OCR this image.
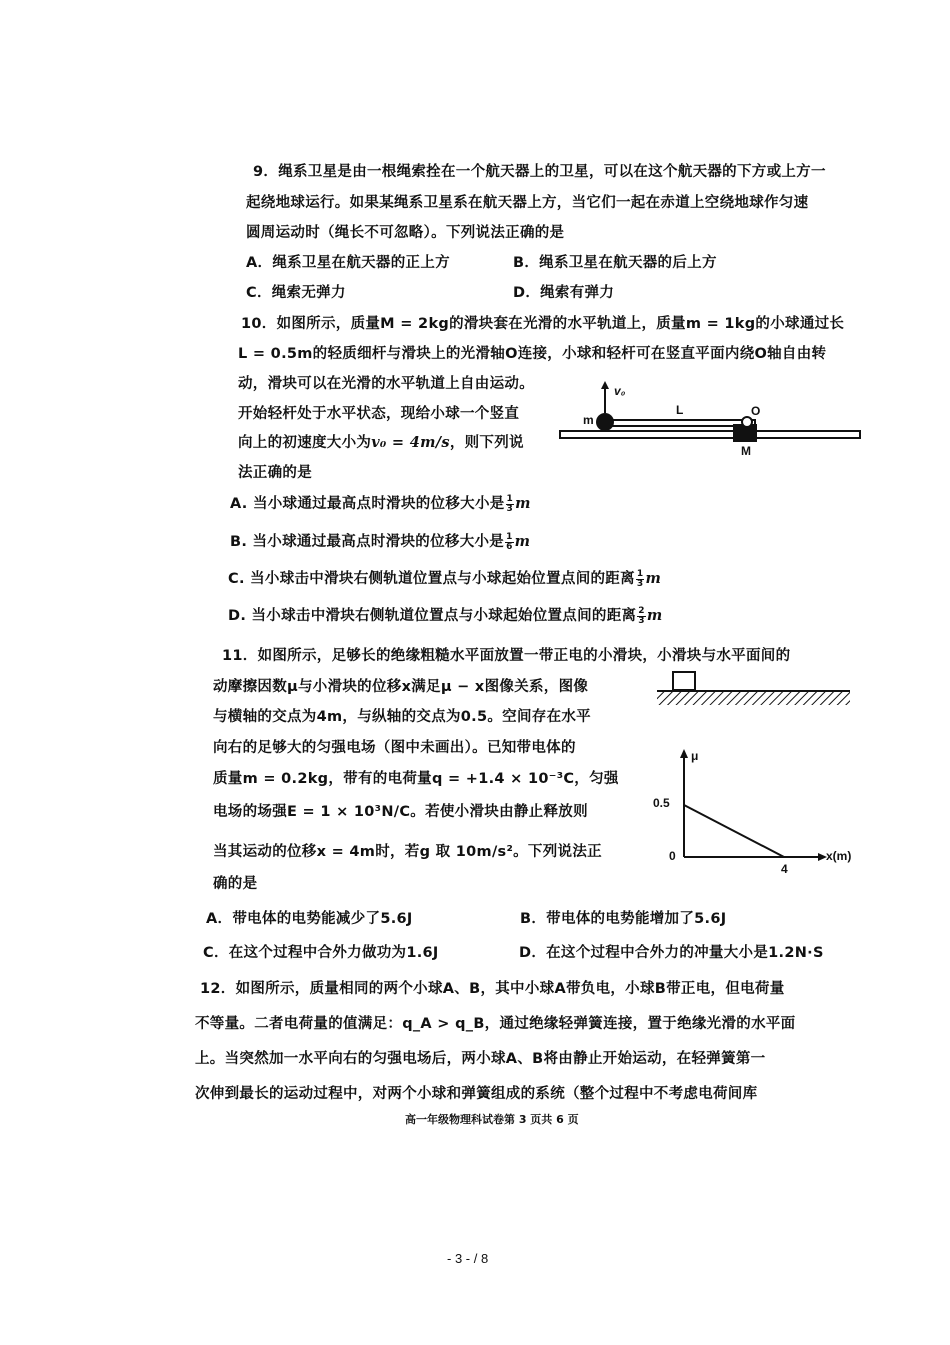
9．绳系卫星是由一根绳索拴在一个航天器上的卫星，可以在这个航天器的下方或上方一
起绕地球运行。如果某绳系卫星系在航天器上方，当它们一起在赤道上空绕地球作匀速
圆周运动时（绳长不可忽略）。下列说法正确的是
A．绳系卫星在航天器的正上方	B．绳系卫星在航天器的后上方
C．绳索无弹力	D．绳索有弹力
10．如图所示，质量M = 2kg的滑块套在光滑的水平轨道上，质量m = 1kg的小球通过长
L = 0.5m的轻质细杆与滑块上的光滑轴O连接，小球和轻杆可在竖直平面内绕O轴自由转
动，滑块可以在光滑的水平轨道上自由运动。
开始轻杆处于水平状态，现给小球一个竖直
向上的初速度大小为v₀ = 4m/s，则下列说
法正确的是
A. 当小球通过最高点时滑块的位移大小是 $\frac{1}{3}$ m
B. 当小球通过最高点时滑块的位移大小是 $\frac{1}{6}$ m
C. 当小球击中滑块右侧轨道位置点与小球起始位置点间的距离 $\frac{1}{3}$ m
D. 当小球击中滑块右侧轨道位置点与小球起始位置点间的距离 $\frac{2}{3}$ m
v₀
m
L	O
M
11．如图所示，足够长的绝缘粗糙水平面放置一带正电的小滑块，小滑块与水平面间的
动摩擦因数μ与小滑块的位移x满足μ − x图像关系，图像
与横轴的交点为4m，与纵轴的交点为0.5。空间存在水平
向右的足够大的匀强电场（图中未画出）。已知带电体的
质量m = 0.2kg，带有的电荷量q = +1.4 × 10⁻³C，匀强
电场的场强E = 1 × 10³N/C。若使小滑块由静止释放则
当其运动的位移x = 4m时，若g 取 10m/s²。下列说法正
确的是
μ
0.5
0
4
x(m)
A．带电体的电势能减少了5.6J	B．带电体的电势能增加了5.6J
C．在这个过程中合外力做功为1.6J	D．在这个过程中合外力的冲量大小是1.2N·S
12．如图所示，质量相同的两个小球A、B，其中小球A带负电，小球B带正电，但电荷量
不等量。二者电荷量的值满足：q_A > q_B，通过绝缘轻弹簧连接，置于绝缘光滑的水平面
上。当突然加一水平向右的匀强电场后，两小球A、B将由静止开始运动，在轻弹簧第一
次伸到最长的运动过程中，对两个小球和弹簧组成的系统（整个过程中不考虑电荷间库
高一年级物理科试卷第 3 页共 6 页
- 3 - / 8
